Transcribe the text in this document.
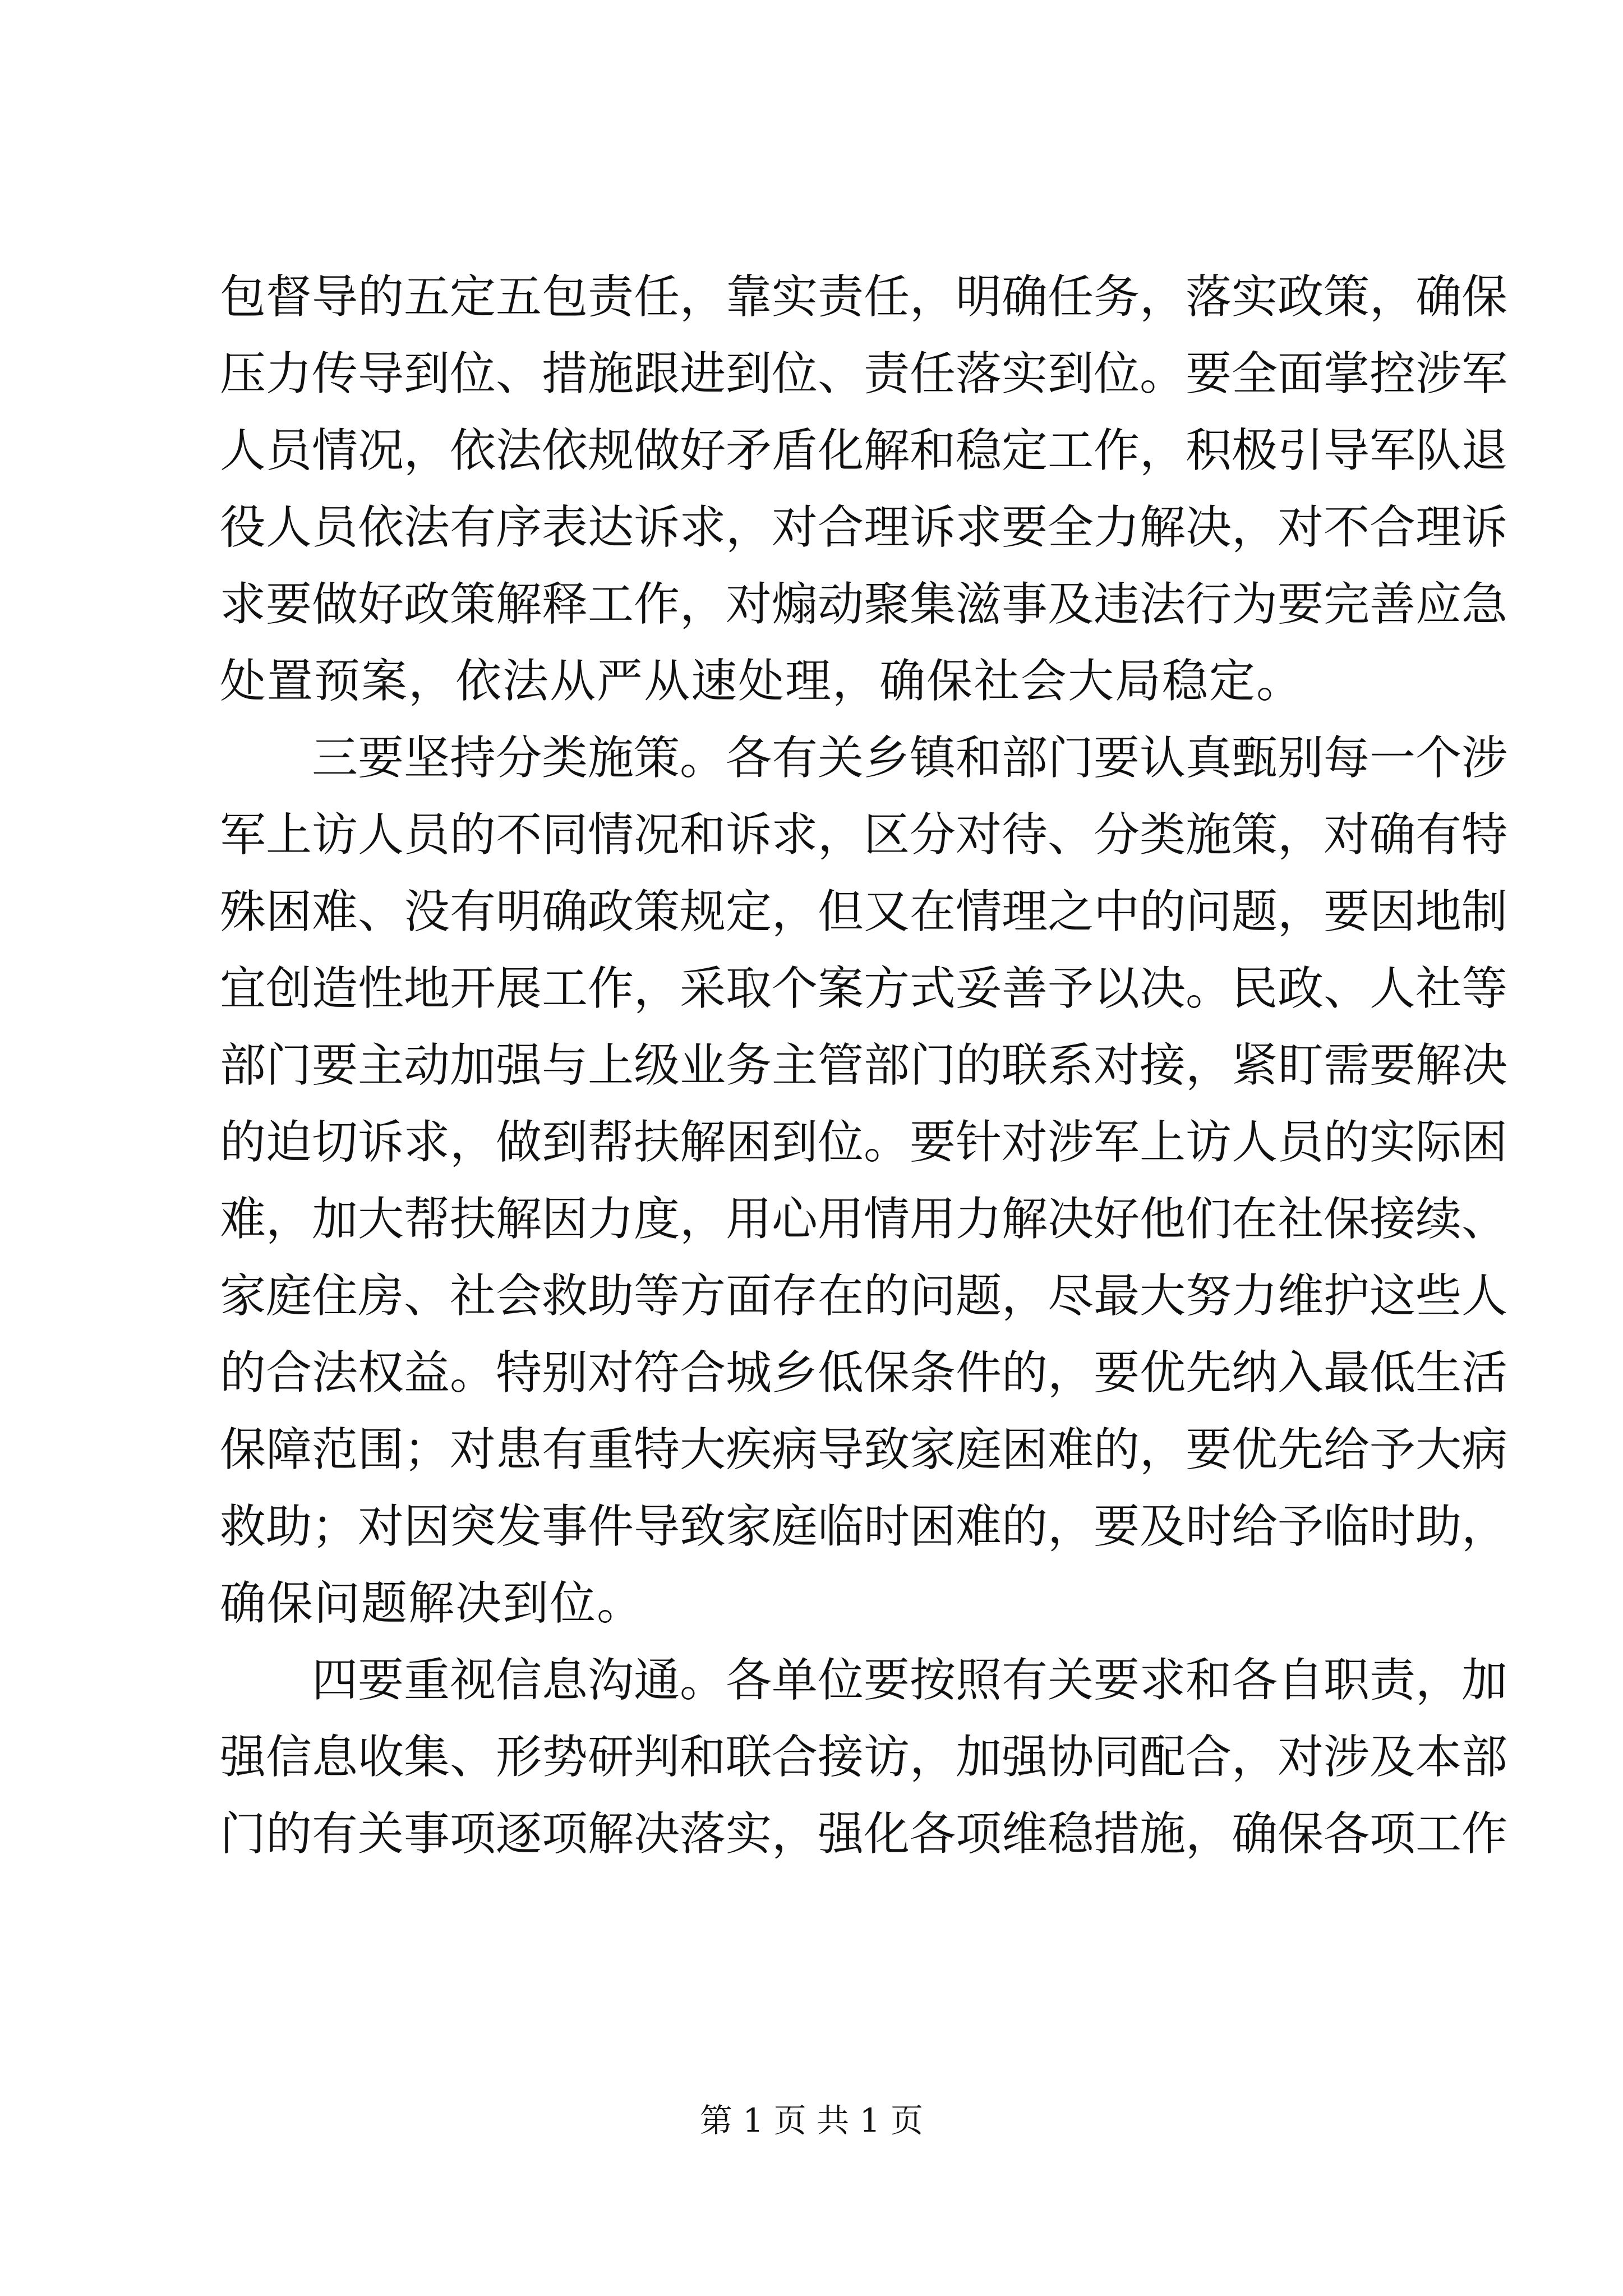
包督导的五定五包责任，靠实责任，明确任务，落实政策，确保
压力传导到位、措施跟进到位、责任落实到位。要全面掌控涉军
人员情况，依法依规做好矛盾化解和稳定工作，积极引导军队退
役人员依法有序表达诉求，对合理诉求要全力解决，对不合理诉
求要做好政策解释工作，对煽动聚集滋事及违法行为要完善应急
处置预案，依法从严从速处理，确保社会大局稳定。
三要坚持分类施策。各有关乡镇和部门要认真甄别每一个涉
军上访人员的不同情况和诉求，区分对待、分类施策，对确有特
殊困难、没有明确政策规定，但又在情理之中的问题，要因地制
宜创造性地开展工作，采取个案方式妥善予以决。民政、人社等
部门要主动加强与上级业务主管部门的联系对接，紧盯需要解决
的迫切诉求，做到帮扶解困到位。要针对涉军上访人员的实际困
难，加大帮扶解因力度，用心用情用力解决好他们在社保接续、
家庭住房、社会救助等方面存在的问题，尽最大努力维护这些人
的合法权益。特别对符合城乡低保条件的，要优先纳入最低生活
保障范围；对患有重特大疾病导致家庭困难的，要优先给予大病
救助；对因突发事件导致家庭临时困难的，要及时给予临时助，
确保问题解决到位。
四要重视信息沟通。各单位要按照有关要求和各自职责，加
强信息收集、形势研判和联合接访，加强协同配合，对涉及本部
门的有关事项逐项解决落实，强化各项维稳措施，确保各项工作
第 1 页 共 1 页
